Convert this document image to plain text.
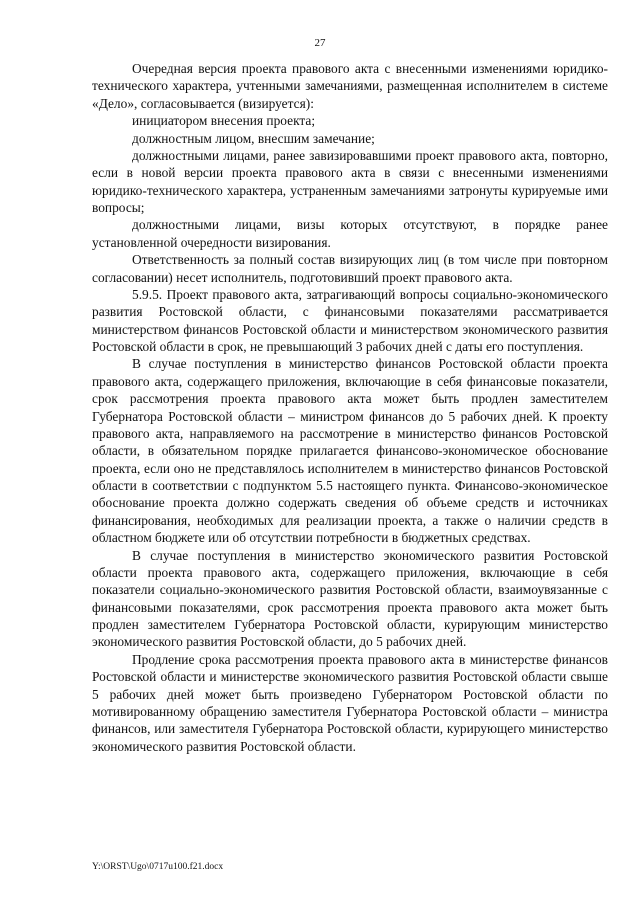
27

Очередная версия проекта правового акта с внесенными изменениями юридико-технического характера, учтенными замечаниями, размещенная исполнителем в системе «Дело», согласовывается (визируется):

инициатором внесения проекта;

должностным лицом, внесшим замечание;

должностными лицами, ранее завизировавшими проект правового акта, повторно, если в новой версии проекта правового акта в связи с внесенными изменениями юридико-технического характера, устраненным замечаниями затронуты курируемые ими вопросы;

должностными лицами, визы которых отсутствуют, в порядке ранее установленной очередности визирования.

Ответственность за полный состав визирующих лиц (в том числе при повторном согласовании) несет исполнитель, подготовивший проект правового акта.

5.9.5. Проект правового акта, затрагивающий вопросы социально-экономического развития Ростовской области, с финансовыми показателями рассматривается министерством финансов Ростовской области и министерством экономического развития Ростовской области в срок, не превышающий 3 рабочих дней с даты его поступления.

В случае поступления в министерство финансов Ростовской области проекта правового акта, содержащего приложения, включающие в себя финансовые показатели, срок рассмотрения проекта правового акта может быть продлен заместителем Губернатора Ростовской области – министром финансов до 5 рабочих дней. К проекту правового акта, направляемого на рассмотрение в министерство финансов Ростовской области, в обязательном порядке прилагается финансово-экономическое обоснование проекта, если оно не представлялось исполнителем в министерство финансов Ростовской области в соответствии с подпунктом 5.5 настоящего пункта. Финансово-экономическое обоснование проекта должно содержать сведения об объеме средств и источниках финансирования, необходимых для реализации проекта, а также о наличии средств в областном бюджете или об отсутствии потребности в бюджетных средствах.

В случае поступления в министерство экономического развития Ростовской области проекта правового акта, содержащего приложения, включающие в себя показатели социально-экономического развития Ростовской области, взаимоувязанные с финансовыми показателями, срок рассмотрения проекта правового акта может быть продлен заместителем Губернатора Ростовской области, курирующим министерство экономического развития Ростовской области, до 5 рабочих дней.

Продление срока рассмотрения проекта правового акта в министерстве финансов Ростовской области и министерстве экономического развития Ростовской области свыше 5 рабочих дней может быть произведено Губернатором Ростовской области по мотивированному обращению заместителя Губернатора Ростовской области – министра финансов, или заместителя Губернатора Ростовской области, курирующего министерство экономического развития Ростовской области.

Y:\ORST\Ugo\0717u100.f21.docx
